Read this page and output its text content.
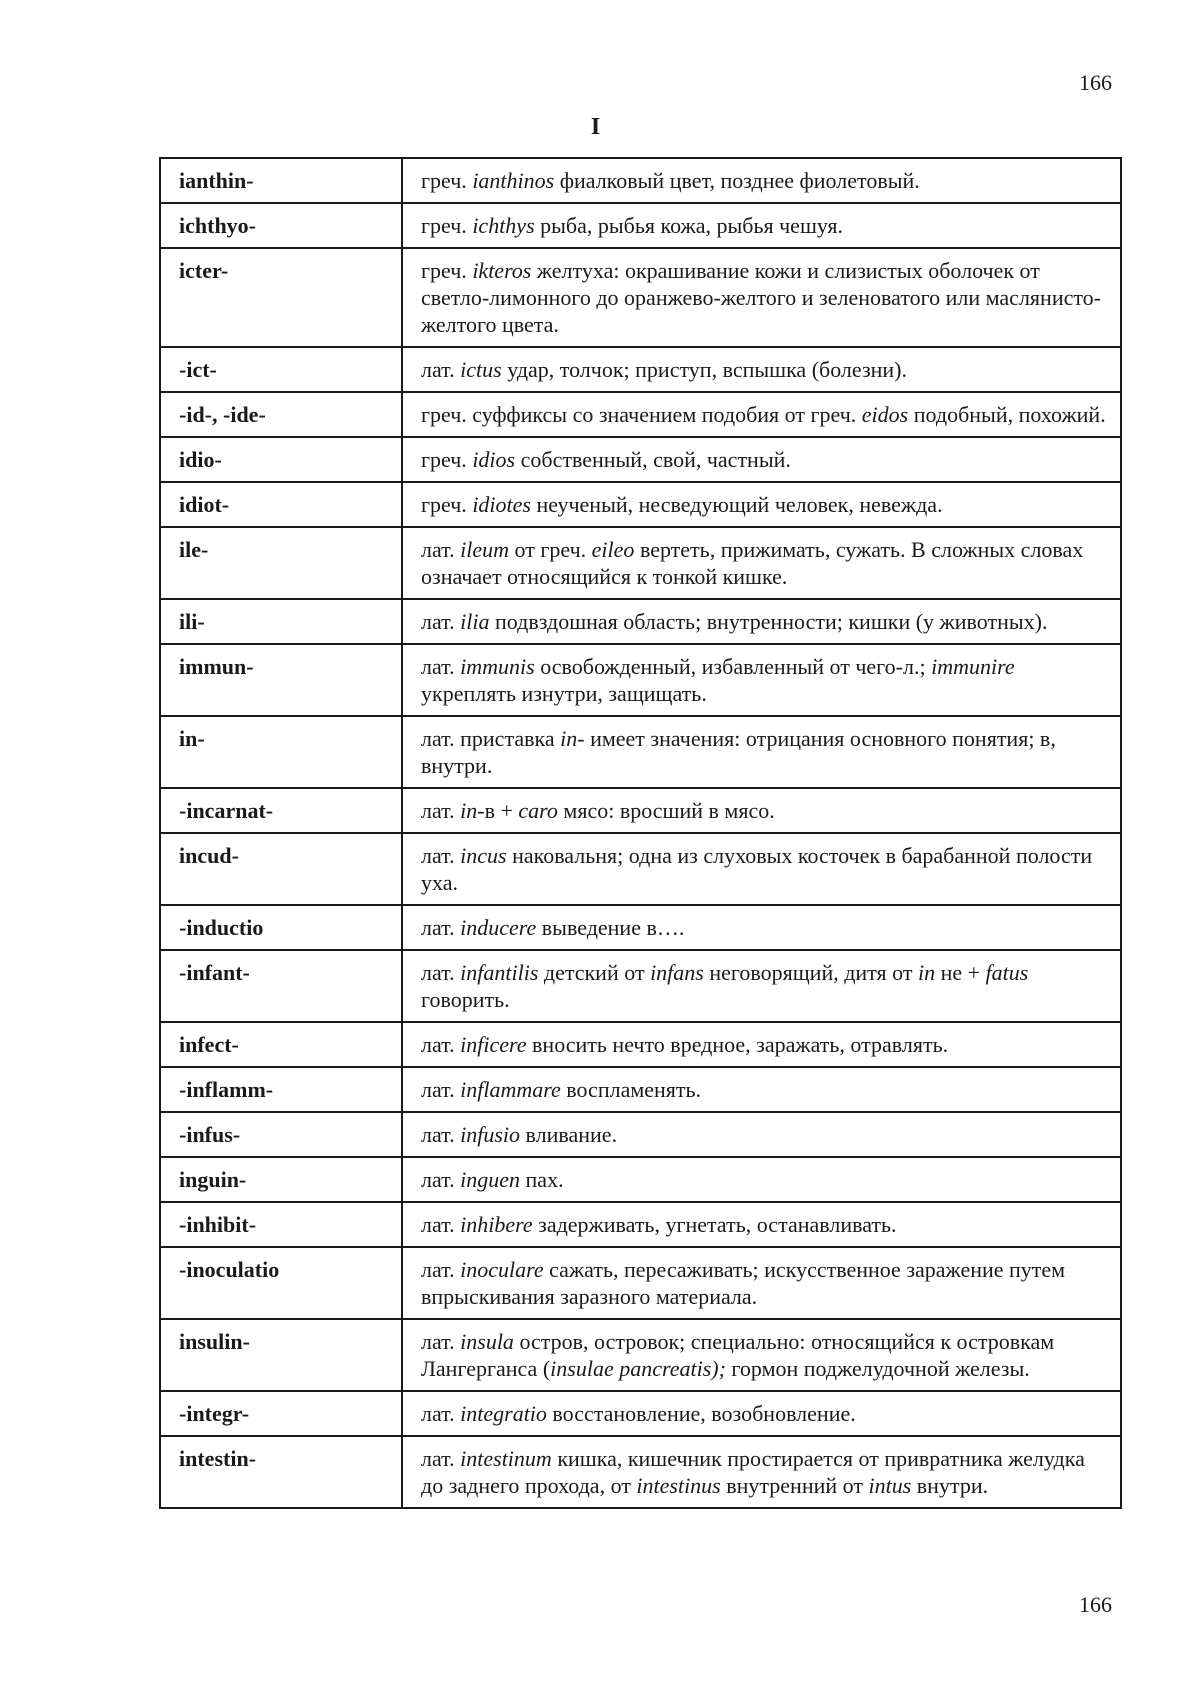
166
I
ianthin-	греч. ianthinos фиалковый цвет, позднее фиолетовый.
ichthyo-	греч. ichthys рыба, рыбья кожа, рыбья чешуя.
icter-	греч. ikteros желтуха: окрашивание кожи и слизистых оболочек от светло-лимонного до оранжево-желтого и зеленоватого или маслянисто-желтого цвета.
-ict-	лат. ictus удар, толчок; приступ, вспышка (болезни).
-id-, -ide-	греч. суффиксы со значением подобия от греч. eidos подобный, похожий.
idio-	греч. idios собственный, свой, частный.
idiot-	греч. idiotes неученый, несведующий человек, невежда.
ile-	лат. ileum от греч. eileo вертеть, прижимать, сужать. В сложных словах означает относящийся к тонкой кишке.
ili-	лат. ilia подвздошная область; внутренности; кишки (у животных).
immun-	лат. immunis освобожденный, избавленный от чего-л.; immunire укреплять изнутри, защищать.
in-	лат. приставка in- имеет значения: отрицания основного понятия; в, внутри.
-incarnat-	лат. in-в + caro мясо: вросший в мясо.
incud-	лат. incus наковальня; одна из слуховых косточек в барабанной полости уха.
-inductio	лат. inducere выведение в….
-infant-	лат. infantilis детский от infans неговорящий, дитя от in не + fatus говорить.
infect-	лат. inficere вносить нечто вредное, заражать, отравлять.
-inflamm-	лат. inflammare воспламенять.
-infus-	лат. infusio вливание.
inguin-	лат. inguen пах.
-inhibit-	лат. inhibere задерживать, угнетать, останавливать.
-inoculatio	лат. inoculare сажать, пересаживать; искусственное заражение путем впрыскивания заразного материала.
insulin-	лат. insula остров, островок; специально: относящийся к островкам Лангерганса (insulae pancreatis); гормон поджелудочной железы.
-integr-	лат. integratio восстановление, возобновление.
intestin-	лат. intestinum кишка, кишечник простирается от привратника желудка до заднего прохода, от intestinus внутренний от intus внутри.
166
